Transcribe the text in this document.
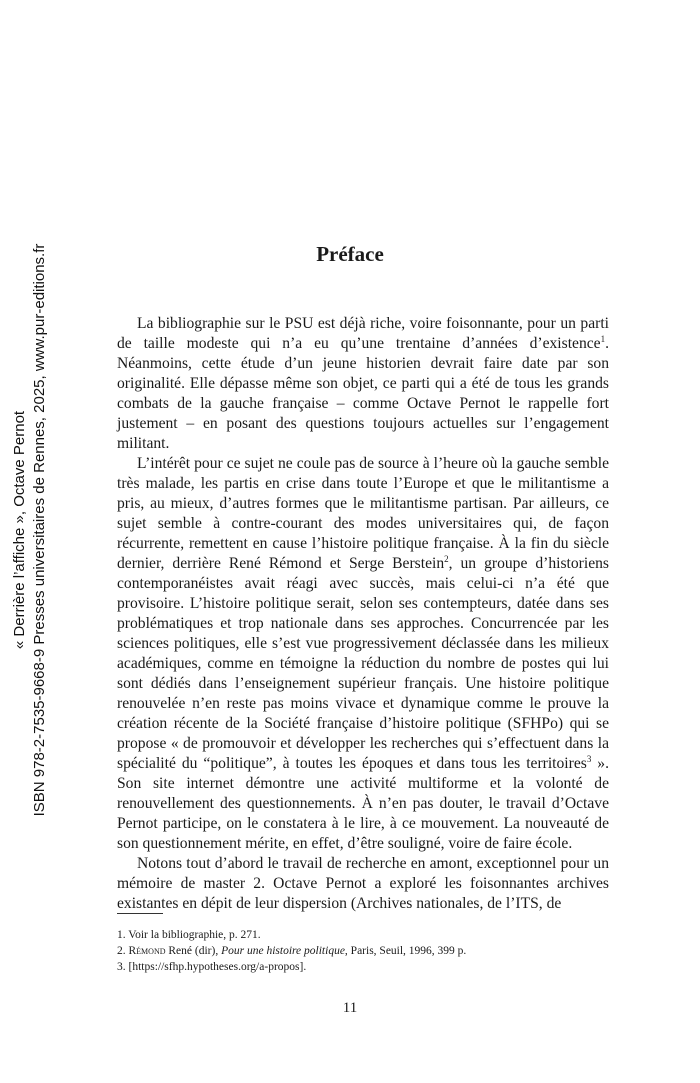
« Derrière l’affiche », Octave Pernot ISBN 978-2-7535-9668-9 Presses universitaires de Rennes, 2025, www.pur-editions.fr	Préface

La bibliographie sur le PSU est déjà riche, voire foisonnante, pour un parti de taille modeste qui n’a eu qu’une trentaine d’années d’existence$^1$. Néanmoins, cette étude d’un jeune historien devrait faire date par son originalité. Elle dépasse même son objet, ce parti qui a été de tous les grands combats de la gauche française – comme Octave Pernot le rappelle fort justement – en posant des questions toujours actuelles sur l’engagement militant.

L’intérêt pour ce sujet ne coule pas de source à l’heure où la gauche semble très malade, les partis en crise dans toute l’Europe et que le militantisme a pris, au mieux, d’autres formes que le militantisme partisan. Par ailleurs, ce sujet semble à contre-courant des modes universitaires qui, de façon récurrente, remettent en cause l’histoire politique française. À la fin du siècle dernier, derrière René Rémond et Serge Berstein$^2$, un groupe d’historiens contemporanéistes avait réagi avec succès, mais celui-ci n’a été que provisoire. L’histoire politique serait, selon ses contempteurs, datée dans ses problématiques et trop nationale dans ses approches. Concurrencée par les sciences politiques, elle s’est vue progressivement déclassée dans les milieux académiques, comme en témoigne la réduction du nombre de postes qui lui sont dédiés dans l’enseignement supérieur français. Une histoire politique renouvelée n’en reste pas moins vivace et dynamique comme le prouve la création récente de la Société française d’histoire politique (SFHPo) qui se propose « de promouvoir et développer les recherches qui s’effectuent dans la spécialité du “politique”, à toutes les époques et dans tous les territoires$^3$ ». Son site internet démontre une activité multiforme et la volonté de renouvellement des questionnements. À n’en pas douter, le travail d’Octave Pernot participe, on le constatera à le lire, à ce mouvement. La nouveauté de son questionnement mérite, en effet, d’être souligné, voire de faire école.

Notons tout d’abord le travail de recherche en amont, exceptionnel pour un mémoire de master 2. Octave Pernot a exploré les foisonnantes archives existantes en dépit de leur dispersion (Archives nationales, de l’ITS, de

1. Voir la bibliographie, p. 271.
2. Rémond René (dir), Pour une histoire politique, Paris, Seuil, 1996, 399 p.
3. [https://sfhp.hypotheses.org/a-propos].
11
